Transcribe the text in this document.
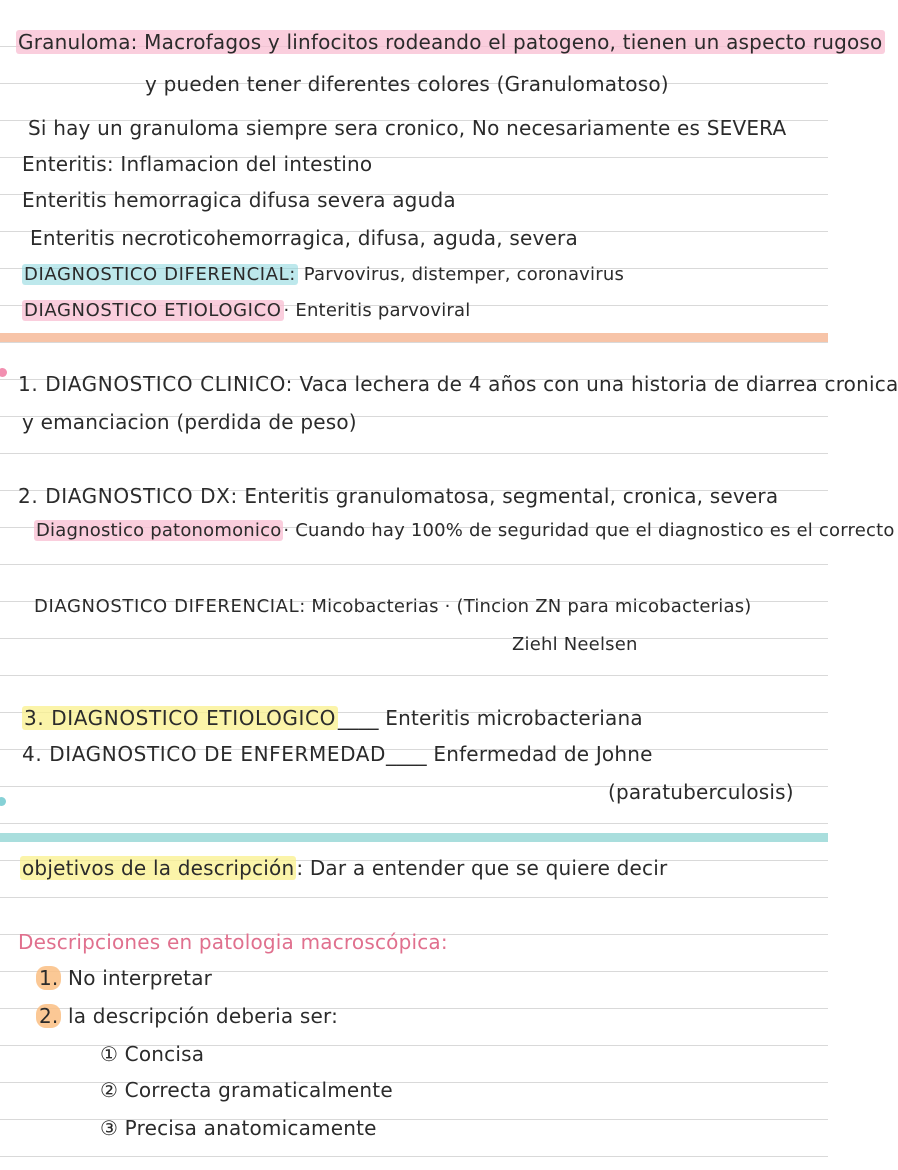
Granuloma: Macrofagos y linfocitos rodeando el patogeno, tienen un aspecto rugoso
y pueden tener diferentes colores (Granulomatoso)
Si hay un granuloma siempre sera cronico, No necesariamente es SEVERA
Enteritis: Inflamacion del intestino
Enteritis hemorragica difusa severa aguda
Enteritis necroticohemorragica, difusa, aguda, severa
DIAGNOSTICO DIFERENCIAL: Parvovirus, distemper, coronavirus
DIAGNOSTICO ETIOLOGICO · Enteritis parvoviral
1. DIAGNOSTICO CLINICO: Vaca lechera de 4 años con una historia de diarrea cronica
y emanciacion (perdida de peso)
2. DIAGNOSTICO DX: Enteritis granulomatosa, segmental, cronica, severa
Diagnostico patonomonico · Cuando hay 100% de seguridad que el diagnostico es el correcto
DIAGNOSTICO DIFERENCIAL: Micobacterias · (Tincion ZN para micobacterias)
Ziehl Neelsen
3. DIAGNOSTICO ETIOLOGICO ____ Enteritis microbacteriana
4. DIAGNOSTICO DE ENFERMEDAD____ Enfermedad de Johne
(paratuberculosis)
objetivos de la descripción : Dar a entender que se quiere decir
Descripciones en patologia macroscópica:
1. No interpretar
2. la descripción deberia ser:
① Concisa
② Correcta gramaticalmente
③ Precisa anatomicamente
